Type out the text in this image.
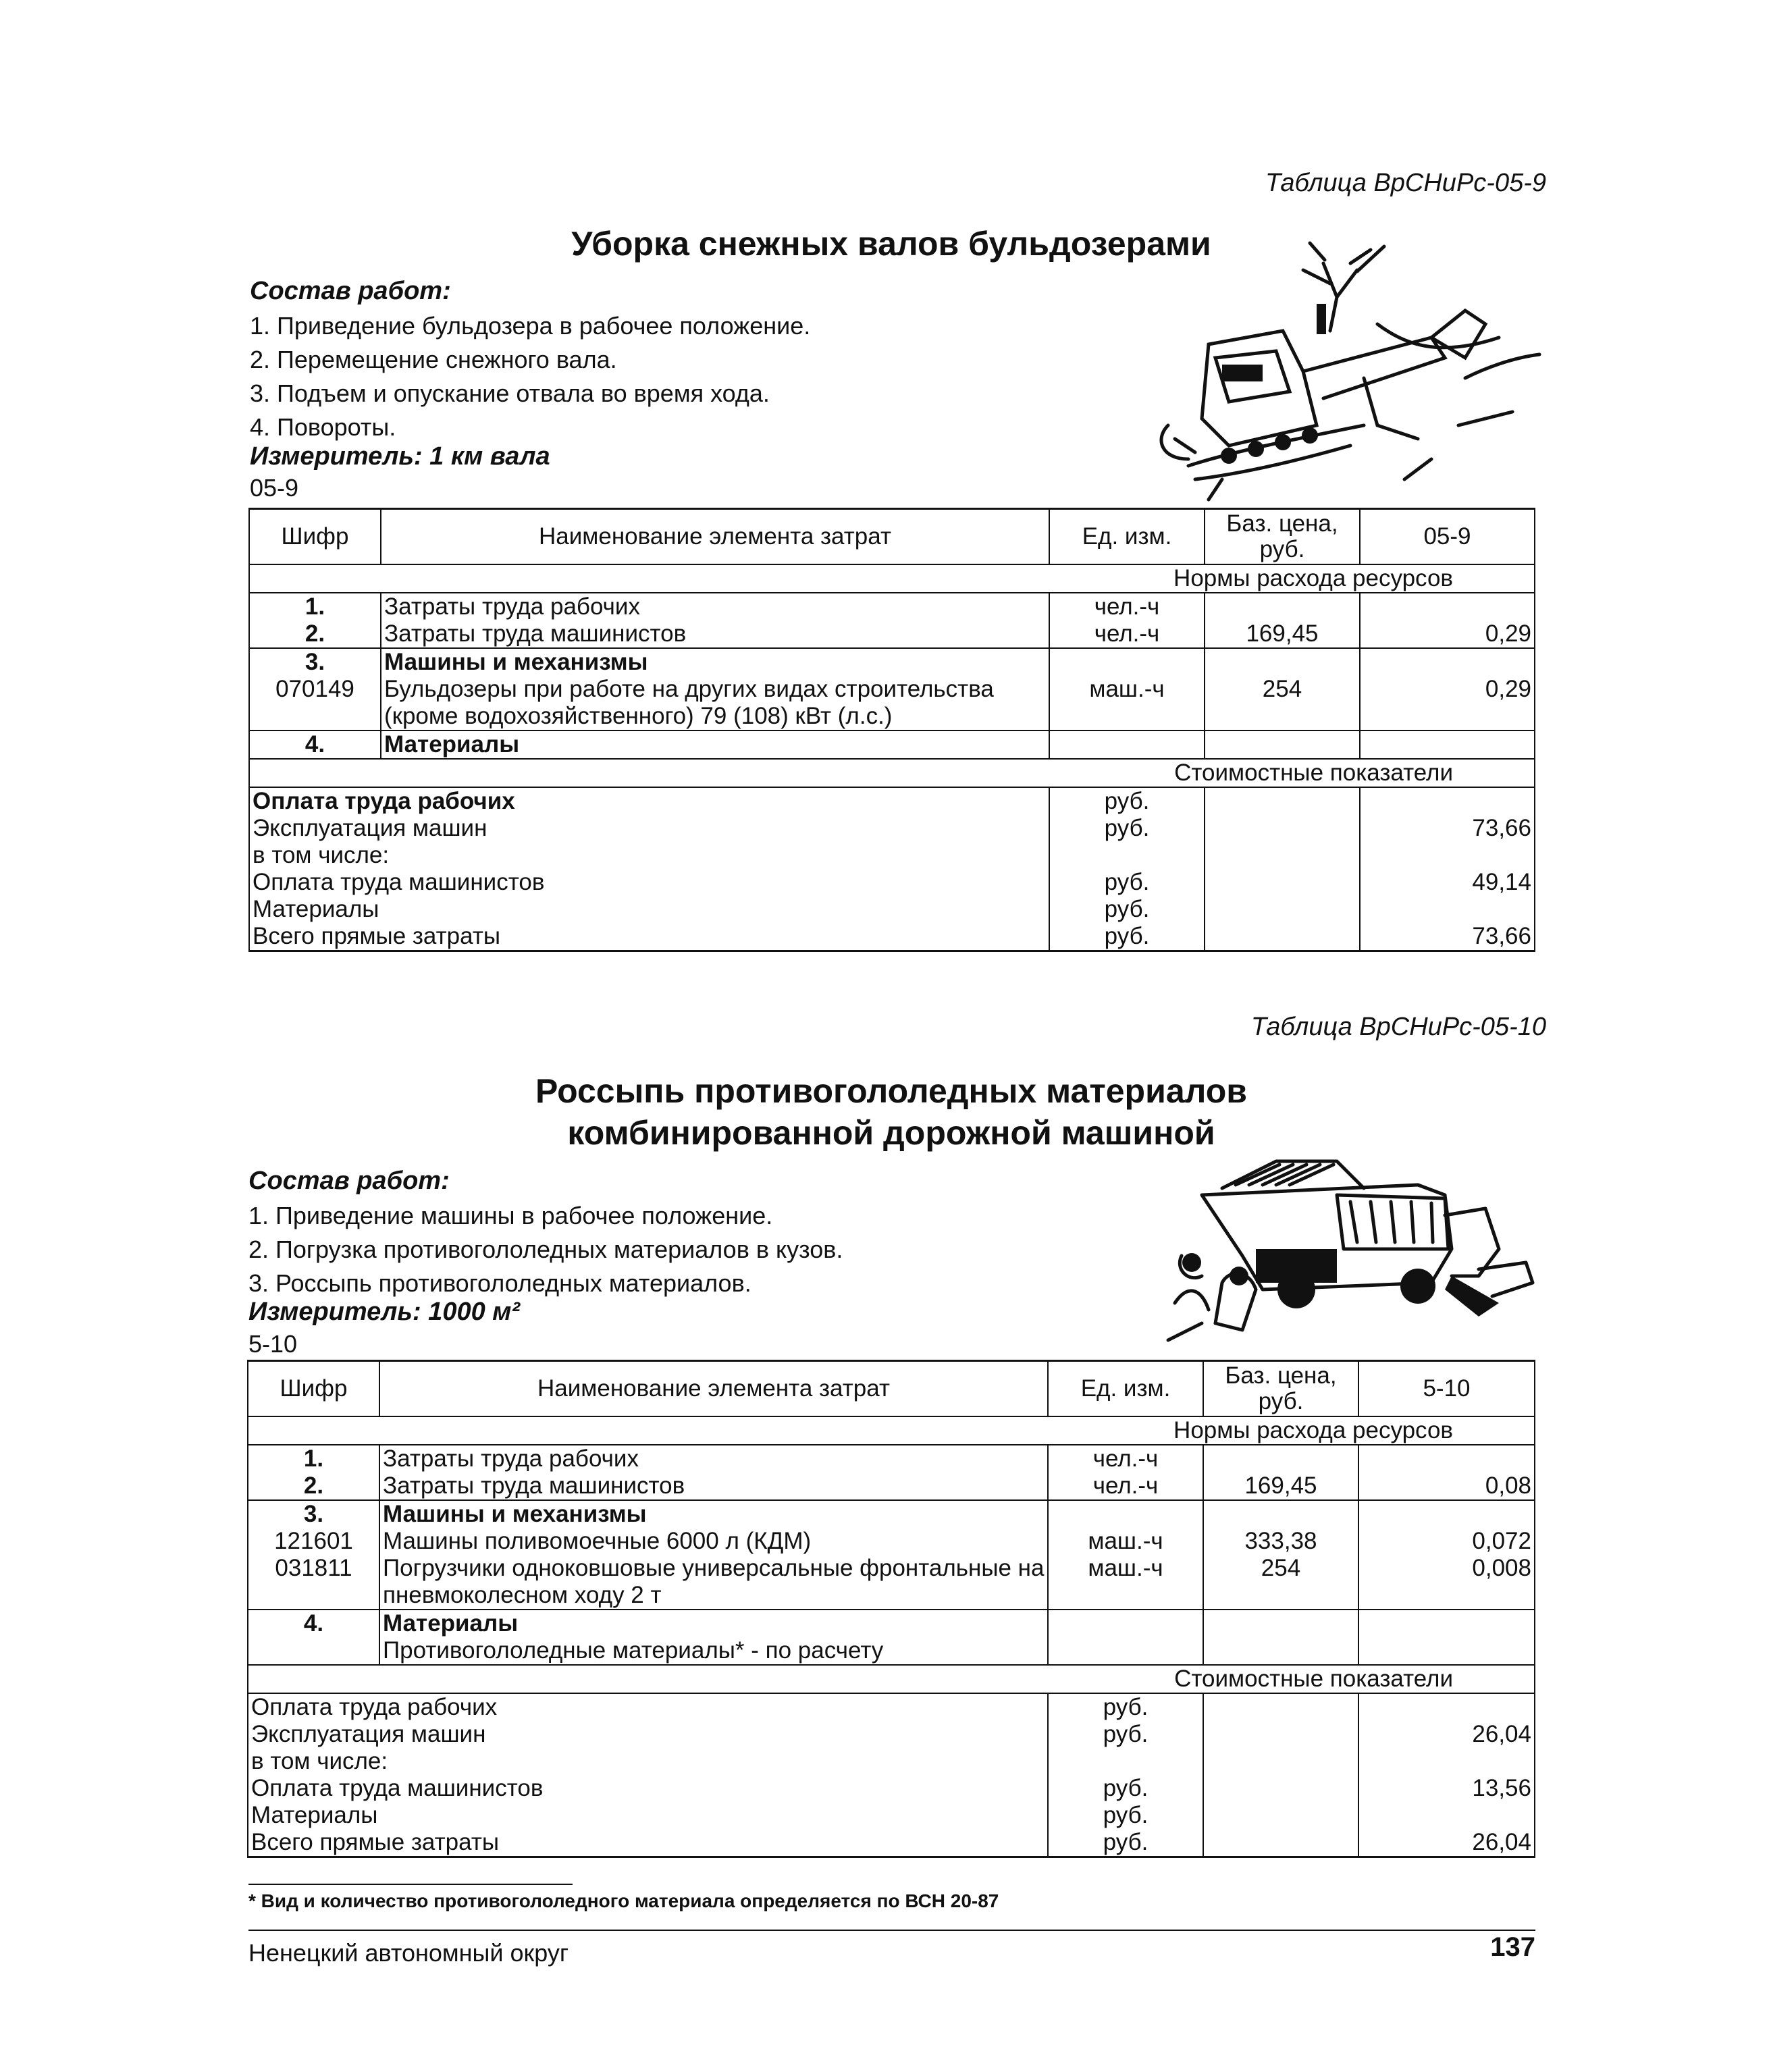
Таблица ВрСНиРс-05-9
Уборка снежных валов бульдозерами
Состав работ:
1. Приведение бульдозера в рабочее положение.
2. Перемещение снежного вала.
3. Подъем и опускание отвала во время хода.
4. Повороты.
Измеритель: 1 км вала
05-9
Шифр	Наименование элемента затрат	Ед. изм.	Баз. цена, руб.	05-9
Нормы расхода ресурсов				
1.	Затраты труда рабочих	чел.-ч		
2.	Затраты труда машинистов	чел.-ч	169,45	0,29
3.	Машины и механизмы			
070149	Бульдозеры при работе на других видах строительства (кроме водохозяйственного) 79 (108) кВт (л.с.)	маш.-ч	254	0,29
4.	Материалы			
Стоимостные показатели				
Оплата труда рабочих		руб.		
Эксплуатация машин		руб.		73,66
в том числе:				
Оплата труда машинистов		руб.		49,14
Материалы		руб.		
Всего прямые затраты		руб.		73,66
Таблица ВрСНиРс-05-10
Россыпь противогололедных материалов
комбинированной дорожной машиной
Состав работ:
1. Приведение машины в рабочее положение.
2. Погрузка противогололедных материалов в кузов.
3. Россыпь противогололедных материалов.
Измеритель: 1000 м²
5-10
Шифр	Наименование элемента затрат	Ед. изм.	Баз. цена, руб.	5-10
Нормы расхода ресурсов				
1.	Затраты труда рабочих	чел.-ч		
2.	Затраты труда машинистов	чел.-ч	169,45	0,08
3.	Машины и механизмы			
121601	Машины поливомоечные 6000 л (КДМ)	маш.-ч	333,38	0,072
031811	Погрузчики одноковшовые универсальные фронтальные на пневмоколесном ходу 2 т	маш.-ч	254	0,008
4.	Материалы			
	Противогололедные материалы* - по расчету			
Стоимостные показатели				
Оплата труда рабочих		руб.		
Эксплуатация машин		руб.		26,04
в том числе:				
Оплата труда машинистов		руб.		13,56
Материалы		руб.		
Всего прямые затраты		руб.		26,04
* Вид и количество противогололедного материала определяется по ВСН 20-87
Ненецкий автономный округ	137
